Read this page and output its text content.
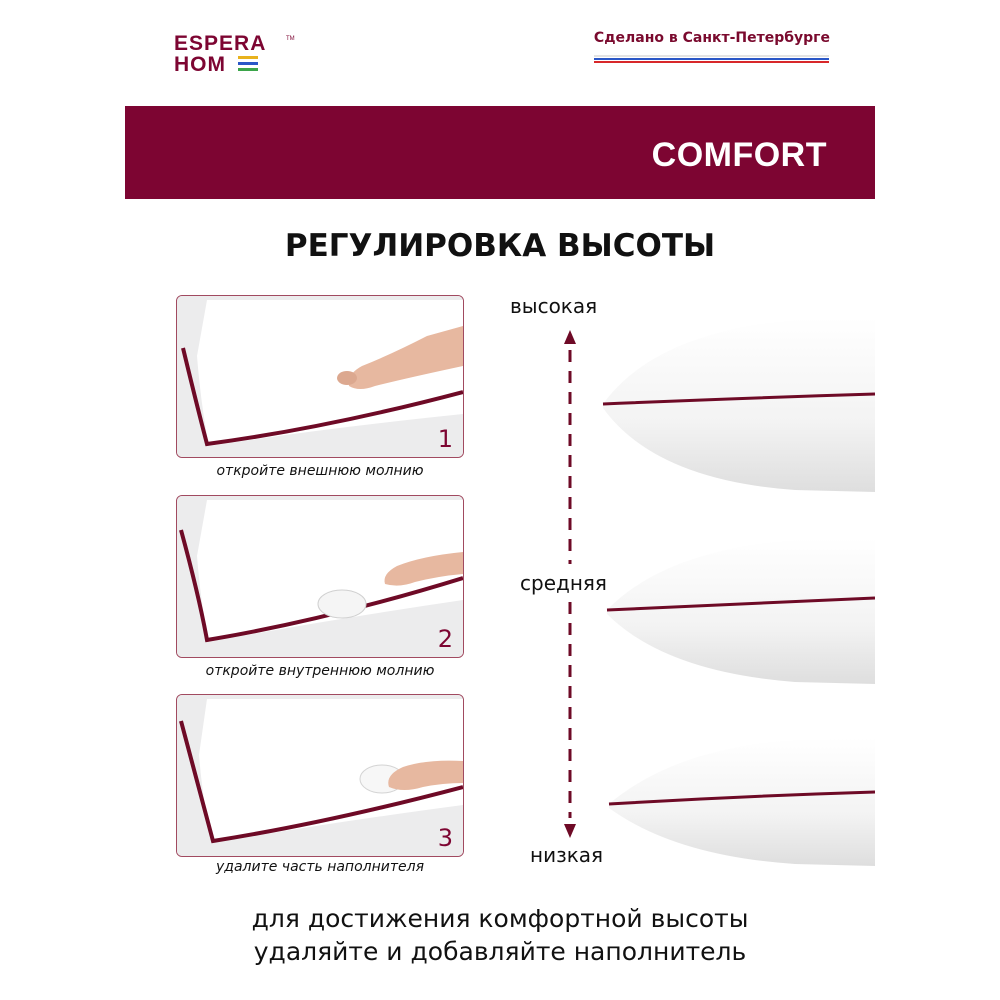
ESPERA	TM
HOM
Сделано в Санкт-Петербурге
COMFORT
РЕГУЛИРОВКА ВЫСОТЫ
1
откройте внешнюю молнию
2
откройте внутреннюю молнию
3
удалите часть наполнителя
высокая
средняя
низкая
для достижения комфортной высоты
удаляйте и добавляйте наполнитель
